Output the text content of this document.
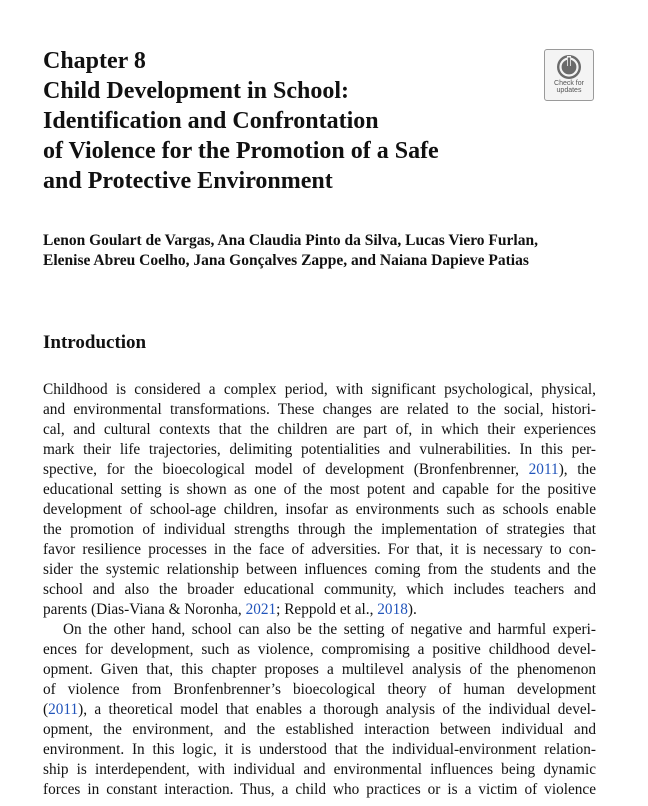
Chapter 8
Child Development in School:
Identification and Confrontation
of Violence for the Promotion of a Safe
and Protective Environment
Check for
updates
Lenon Goulart de Vargas, Ana Claudia Pinto da Silva, Lucas Viero Furlan,
Elenise Abreu Coelho, Jana Gonçalves Zappe, and Naiana Dapieve Patias
Introduction
Childhood is considered a complex period, with significant psychological, physical,
and environmental transformations. These changes are related to the social, histori-
cal, and cultural contexts that the children are part of, in which their experiences
mark their life trajectories, delimiting potentialities and vulnerabilities. In this per-
spective, for the bioecological model of development (Bronfenbrenner, 2011), the
educational setting is shown as one of the most potent and capable for the positive
development of school-age children, insofar as environments such as schools enable
the promotion of individual strengths through the implementation of strategies that
favor resilience processes in the face of adversities. For that, it is necessary to con-
sider the systemic relationship between influences coming from the students and the
school and also the broader educational community, which includes teachers and
parents (Dias-Viana & Noronha, 2021; Reppold et al., 2018).
On the other hand, school can also be the setting of negative and harmful experi-
ences for development, such as violence, compromising a positive childhood devel-
opment. Given that, this chapter proposes a multilevel analysis of the phenomenon
of violence from Bronfenbrenner’s bioecological theory of human development
(2011), a theoretical model that enables a thorough analysis of the individual devel-
opment, the environment, and the established interaction between individual and
environment. In this logic, it is understood that the individual-environment relation-
ship is interdependent, with individual and environmental influences being dynamic
forces in constant interaction. Thus, a child who practices or is a victim of violence
